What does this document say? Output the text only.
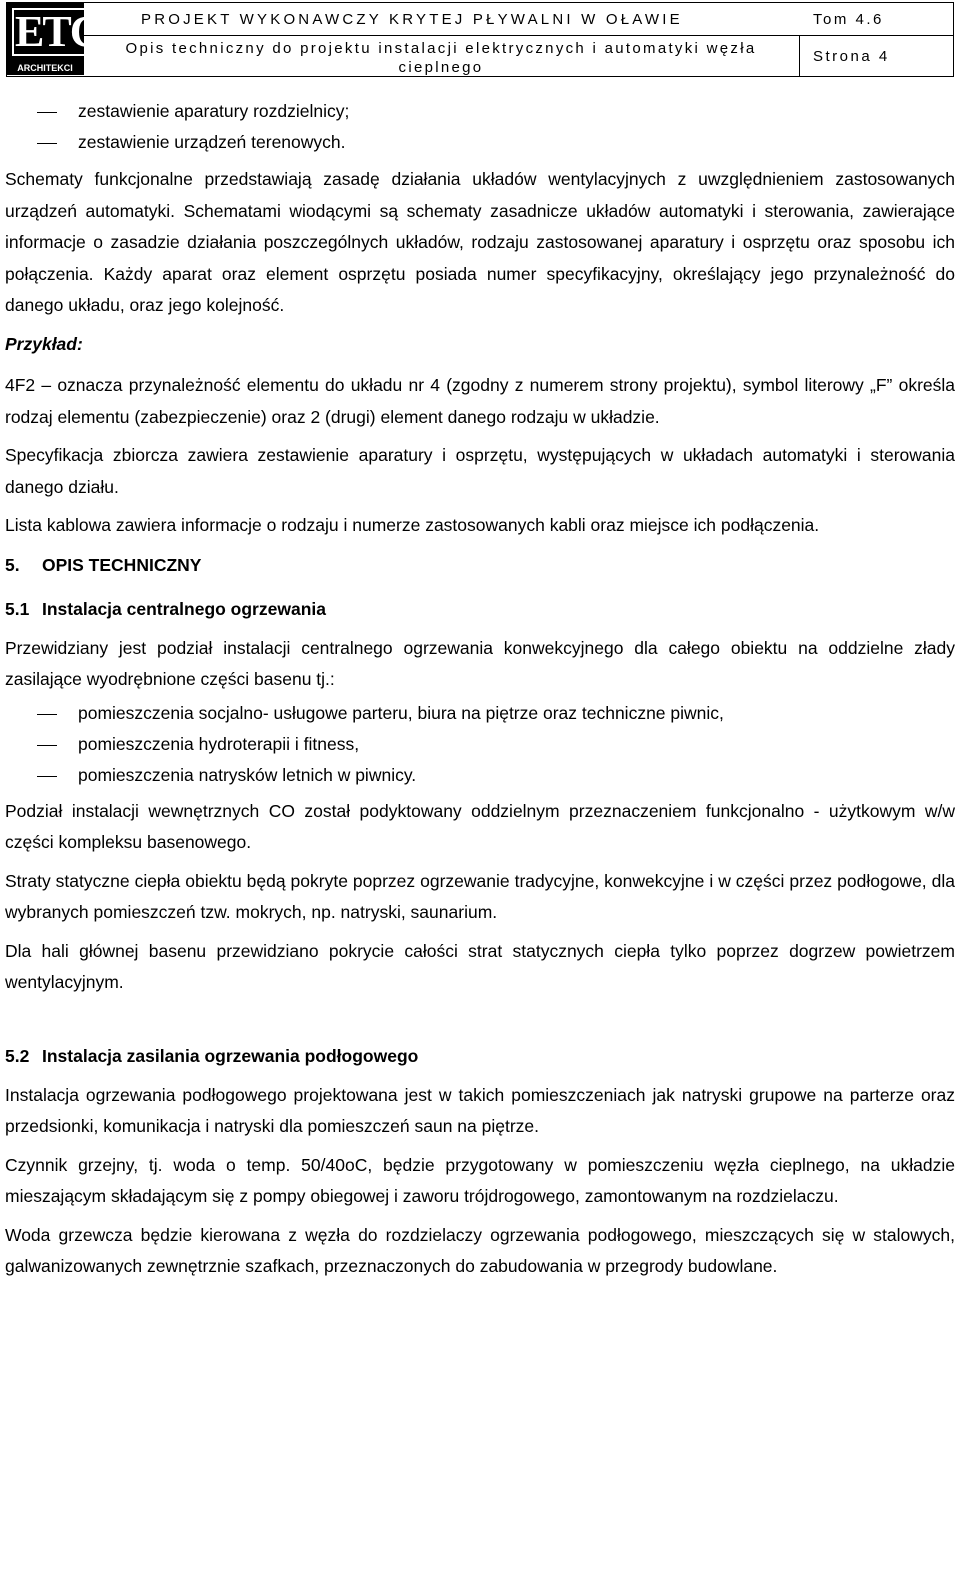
ETC
ARCHITEKCI
PROJEKT WYKONAWCZY KRYTEJ PŁYWALNI W OŁAWIE	Tom 4.6
Opis techniczny do projektu instalacji elektrycznych i automatyki węzła cieplnego
Strona 4
zestawienie aparatury rozdzielnicy;
zestawienie urządzeń terenowych.

Schematy funkcjonalne przedstawiają zasadę działania układów wentylacyjnych z uwzględnieniem zastosowanych urządzeń automatyki. Schematami wiodącymi są schematy zasadnicze układów automatyki i sterowania, zawierające informacje o zasadzie działania poszczególnych układów, rodzaju zastosowanej aparatury i osprzętu oraz sposobu ich połączenia. Każdy aparat oraz element osprzętu posiada numer specyfikacyjny, określający jego przynależność do danego układu, oraz jego kolejność.

Przykład:

4F2 – oznacza przynależność elementu do układu nr 4 (zgodny z numerem strony projektu), symbol literowy „F” określa rodzaj elementu (zabezpieczenie) oraz 2 (drugi) element danego rodzaju w układzie.

Specyfikacja zbiorcza zawiera zestawienie aparatury i osprzętu, występujących w układach automatyki i sterowania danego działu.

Lista kablowa zawiera informacje o rodzaju i numerze zastosowanych kabli oraz miejsce ich podłączenia.

5. OPIS TECHNICZNY
5.1 Instalacja centralnego ogrzewania

Przewidziany jest podział instalacji centralnego ogrzewania konwekcyjnego dla całego obiektu na oddzielne złady zasilające wyodrębnione części basenu tj.:

pomieszczenia socjalno- usługowe parteru, biura na piętrze oraz techniczne piwnic,
pomieszczenia hydroterapii i fitness,
pomieszczenia natrysków letnich w piwnicy.

Podział instalacji wewnętrznych CO został podyktowany oddzielnym przeznaczeniem funkcjonalno - użytkowym w/w części kompleksu basenowego.

Straty statyczne ciepła obiektu będą pokryte poprzez ogrzewanie tradycyjne, konwekcyjne i w części przez podłogowe, dla wybranych pomieszczeń tzw. mokrych, np. natryski, saunarium.

Dla hali głównej basenu przewidziano pokrycie całości strat statycznych ciepła tylko poprzez dogrzew powietrzem wentylacyjnym.

5.2 Instalacja zasilania ogrzewania podłogowego

Instalacja ogrzewania podłogowego projektowana jest w takich pomieszczeniach jak natryski grupowe na parterze oraz przedsionki, komunikacja i natryski dla pomieszczeń saun na piętrze.

Czynnik grzejny, tj. woda o temp. 50/40oC, będzie przygotowany w pomieszczeniu węzła cieplnego, na układzie mieszającym składającym się z pompy obiegowej i zaworu trójdrogowego, zamontowanym na rozdzielaczu.

Woda grzewcza będzie kierowana z węzła do rozdzielaczy ogrzewania podłogowego, mieszczących się w stalowych, galwanizowanych zewnętrznie szafkach, przeznaczonych do zabudowania w przegrody budowlane.
